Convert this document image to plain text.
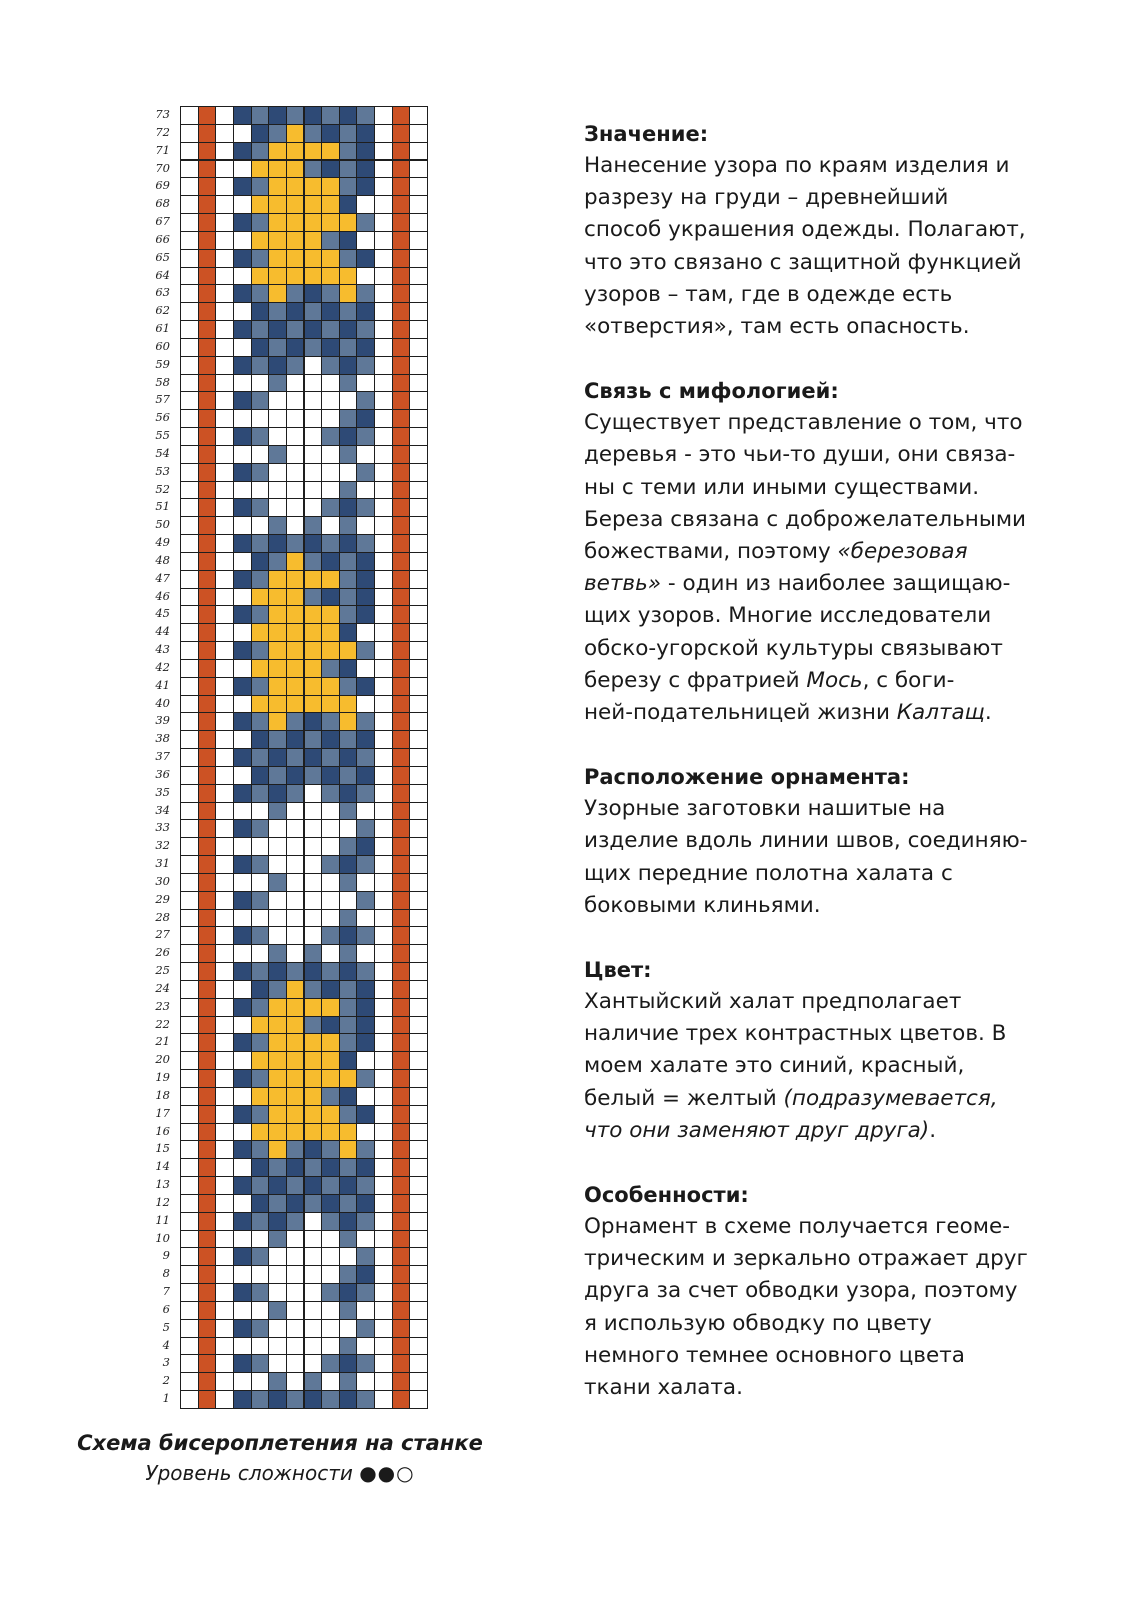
73
72
71
70
69
68
67
66
65
64
63
62
61
60
59
58
57
56
55
54
53
52
51
50
49
48
47
46
45
44
43
42
41
40
39
38
37
36
35
34
33
32
31
30
29
28
27
26
25
24
23
22
21
20
19
18
17
16
15
14
13
12
11
10
9
8
7
6
5
4
3
2
1
Значение:
Нанесение узора по краям изделия и
разрезу на груди – древнейший
способ украшения одежды. Полагают,
что это связано с защитной функцией
узоров – там, где в одежде есть
«отверстия», там есть опасность.
Связь с мифологией:
Существует представление о том, что
деревья - это чьи-то души, они связа-
ны с теми или иными существами.
Береза связана с доброжелательными
божествами, поэтому «березовая
ветвь» - один из наиболее защищаю-
щих узоров. Многие исследователи
обско-угорской культуры связывают
березу с фратрией Мось, с боги-
ней-подательницей жизни Калтащ.
Расположение орнамента:
Узорные заготовки нашитые на
изделие вдоль линии швов, соединяю-
щих передние полотна халата с
боковыми клиньями.
Цвет:
Хантыйский халат предполагает
наличие трех контрастных цветов. В
моем халате это синий, красный,
белый = желтый (подразумевается,
что они заменяют друг друга).
Особенности:
Орнамент в схеме получается геоме-
трическим и зеркально отражает друг
друга за счет обводки узора, поэтому
я использую обводку по цвету
немного темнее основного цвета
ткани халата.
Схема бисероплетения на станке
Уровень сложности ●●○
